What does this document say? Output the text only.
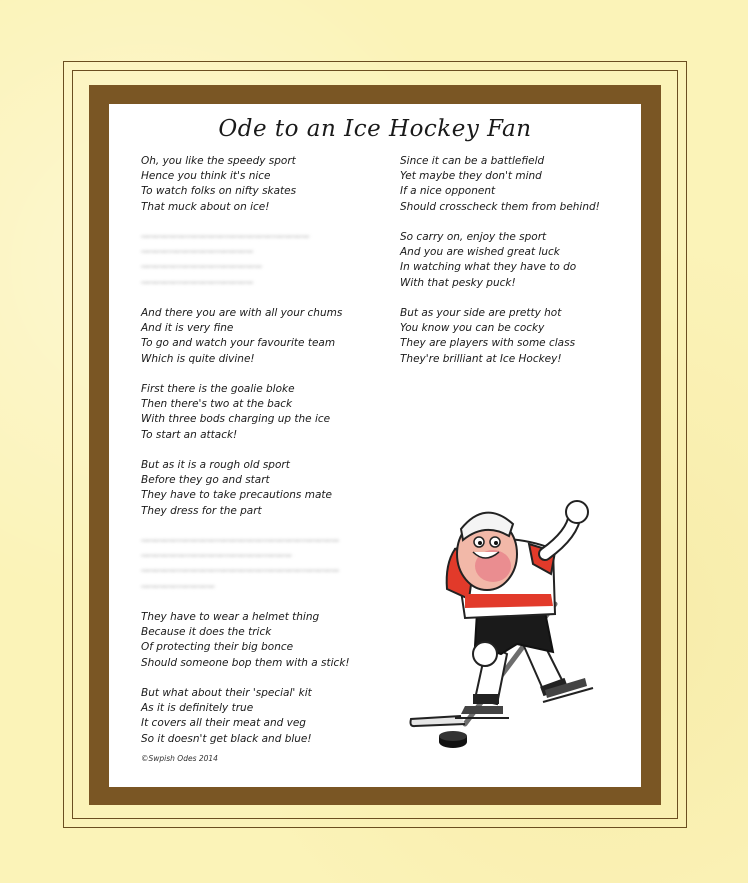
Ode to an Ice Hockey Fan
Oh, you like the speedy sport
Hence you think it's nice
To watch folks on nifty skates
That muck about on ice!
~~~~~ ~~~~ ~~~~~ ~~~~
~~~ ~~~~~ ~~~~
~~~~ ~~~~ ~~~~~
~~~~ ~~~~ ~~~~
And there you are with all your chums
And it is very fine
To go and watch your favourite team
Which is quite divine!
First there is the goalie bloke
Then there's two at the back
With three bods charging up the ice
To start an attack!
But as it is a rough old sport
Before they go and start
They have to take precautions mate
They dress for the part
~~~~ ~~~~ ~~~~~ ~~~~ ~~~~
~~~~~ ~~~~ ~~~~ ~~~
~~~~ ~~~~ ~~~~~ ~~~~ ~~~~
~~~~ ~~~~
They have to wear a helmet thing
Because it does the trick
Of protecting their big bonce
Should someone bop them with a stick!
But what about their 'special' kit
As it is definitely true
It covers all their meat and veg
So it doesn't get black and blue!
Since it can be a battlefield
Yet maybe they don't mind
If a nice opponent
Should crosscheck them from behind!
So carry on, enjoy the sport
And you are wished great luck
In watching what they have to do
With that pesky puck!
But as your side are pretty hot
You know you can be cocky
They are players with some class
They're brilliant at Ice Hockey!
©Swpish Odes 2014
